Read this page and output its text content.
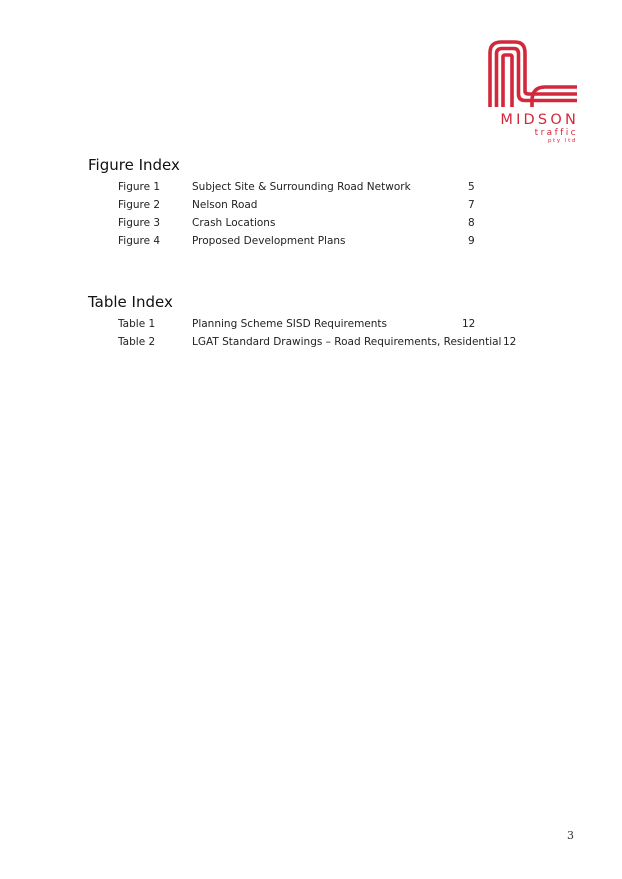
MIDSON
traffic
pty ltd
Figure Index
Figure 1	Subject Site & Surrounding Road Network	5
Figure 2	Nelson Road	7
Figure 3	Crash Locations	8
Figure 4	Proposed Development Plans	9
Table Index
Table 1	Planning Scheme SISD Requirements	12
Table 2	LGAT Standard Drawings – Road Requirements, Residential 12
3
